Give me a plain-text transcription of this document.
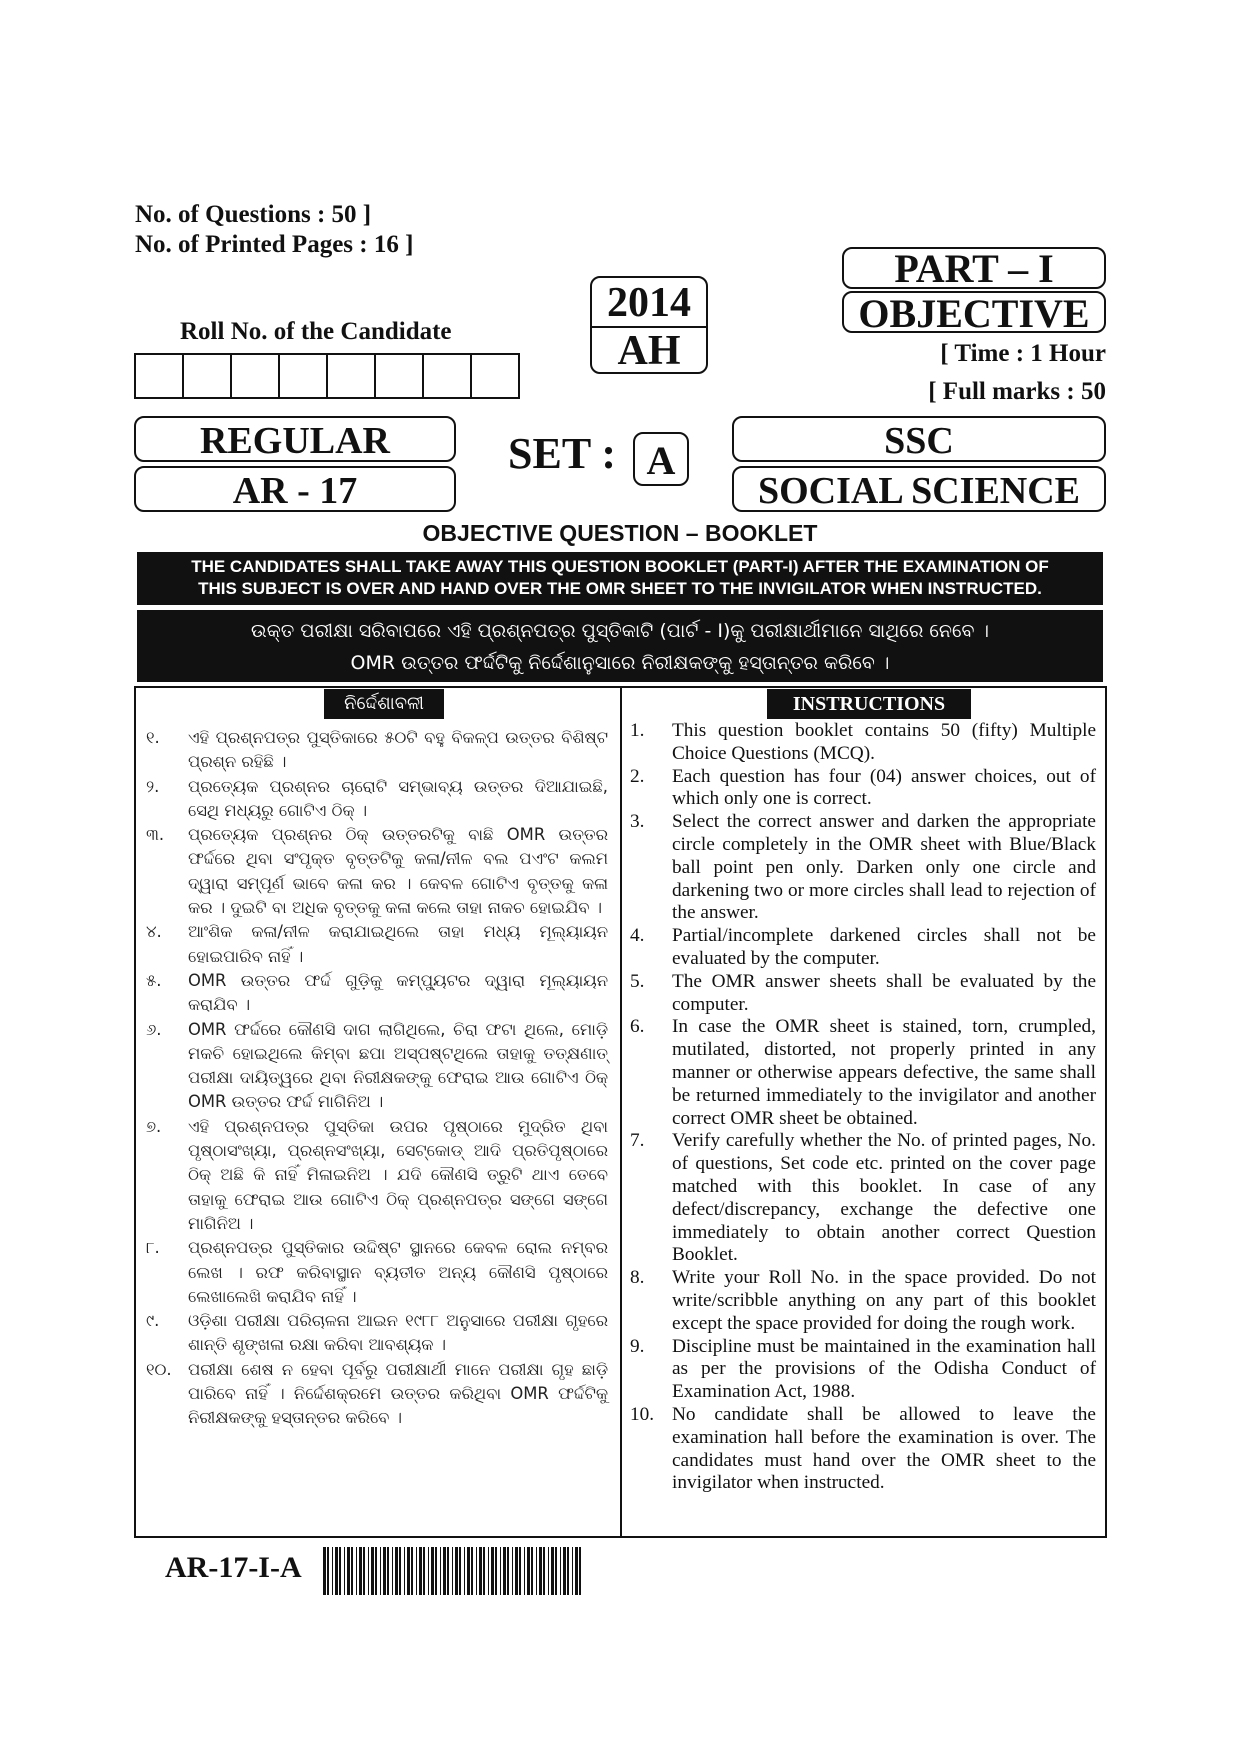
No. of Questions : 50 ]
No. of Printed Pages : 16 ]
2014
AH
Roll No. of the Candidate
PART – I
OBJECTIVE
[ Time : 1 Hour
[ Full marks : 50
REGULAR
AR - 17
SET : A	SSC
SOCIAL SCIENCE
OBJECTIVE QUESTION – BOOKLET
THE CANDIDATES SHALL TAKE AWAY THIS QUESTION BOOKLET (PART-I) AFTER THE EXAMINATION OF
THIS SUBJECT IS OVER AND HAND OVER THE OMR SHEET TO THE INVIGILATOR WHEN INSTRUCTED.
ଉକ୍ତ ପରୀକ୍ଷା ସରିବାପରେ ଏହି ପ୍ରଶ୍ନପତ୍ର ପୁସ୍ତିକାଟି (ପାର୍ଟ - I)କୁ ପରୀକ୍ଷାର୍ଥୀମାନେ ସାଥିରେ ନେବେ ।
OMR ଉତ୍ତର ଫର୍ଦ୍ଦଟିକୁ ନିର୍ଦ୍ଦେଶାନୁସାରେ ନିରୀକ୍ଷକଙ୍କୁ ହସ୍ତାନ୍ତର କରିବେ ।
ନିର୍ଦ୍ଦେଶାବଳୀ	INSTRUCTIONS
୧.	ଏହି ପ୍ରଶ୍ନପତ୍ର ପୁସ୍ତିକାରେ ୫୦ଟି ବହୁ ବିକଳ୍ପ ଉତ୍ତର ବିଶିଷ୍ଟ ପ୍ରଶ୍ନ ରହିଛି ।
୨.	ପ୍ରତ୍ୟେକ ପ୍ରଶ୍ନର ଚାରୋଟି ସମ୍ଭାବ୍ୟ ଉତ୍ତର ଦିଆଯାଇଛି, ସେଥି ମଧ୍ୟରୁ ଗୋଟିଏ ଠିକ୍ ।
୩.	ପ୍ରତ୍ୟେକ ପ୍ରଶ୍ନର ଠିକ୍ ଉତ୍ତରଟିକୁ ବାଛି OMR ଉତ୍ତର ଫର୍ଦ୍ଦରେ ଥିବା ସଂପୃକ୍ତ ବୃତ୍ତଟିକୁ କଳା/ନୀଳ ବଲ ପଏଂଟ କଲମ ଦ୍ୱାରା ସମ୍ପୂର୍ଣ ଭାବେ କଳା କର । କେବଳ ଗୋଟିଏ ବୃତ୍ତକୁ କଳା କର । ଦୁଇଟି ବା ଅଧିକ ବୃତ୍ତକୁ କଳା କଲେ ତାହା ନାକଚ ହୋଇଯିବ ।
୪.	ଆଂଶିକ କଳା/ନୀଳ କରାଯାଇଥିଲେ ତାହା ମଧ୍ୟ ମୂଲ୍ୟାୟନ ହୋଇପାରିବ ନାହିଁ ।
୫.	OMR ଉତ୍ତର ଫର୍ଦ୍ଦ ଗୁଡ଼ିକୁ କମ୍ପ୍ୟୁଟର ଦ୍ୱାରା ମୂଲ୍ୟାୟନ କରାଯିବ ।
୬.	OMR ଫର୍ଦ୍ଦରେ କୌଣସି ଦାଗ ଲାଗିଥିଲେ, ଚିରା ଫଟା ଥିଲେ, ମୋଡ଼ି ମକଚି ହୋଇଥିଲେ କିମ୍ବା ଛପା ଅସ୍ପଷ୍ଟଥିଲେ ତାହାକୁ ତତ୍କ୍ଷଣାତ୍ ପରୀକ୍ଷା ଦାୟିତ୍ୱରେ ଥିବା ନିରୀକ୍ଷକଙ୍କୁ ଫେରାଇ ଆଉ ଗୋଟିଏ ଠିକ୍ OMR ଉତ୍ତର ଫର୍ଦ୍ଦ ମାଗିନିଅ ।
୭.	ଏହି ପ୍ରଶ୍ନପତ୍ର ପୁସ୍ତିକା ଉପର ପୃଷ୍ଠାରେ ମୁଦ୍ରିତ ଥିବା ପୃଷ୍ଠାସଂଖ୍ୟା, ପ୍ରଶ୍ନସଂଖ୍ୟା, ସେଟ୍‌କୋଡ୍ ଆଦି ପ୍ରତିପୃଷ୍ଠାରେ ଠିକ୍ ଅଛି କି ନାହିଁ ମିଳାଇନିଅ । ଯଦି କୌଣସି ତ୍ରୁଟି ଥାଏ ତେବେ ତାହାକୁ ଫେରାଇ ଆଉ ଗୋଟିଏ ଠିକ୍ ପ୍ରଶ୍ନପତ୍ର ସଙ୍ଗେ ସଙ୍ଗେ ମାଗିନିଅ ।
୮.	ପ୍ରଶ୍ନପତ୍ର ପୁସ୍ତିକାର ଉଦ୍ଦିଷ୍ଟ ସ୍ଥାନରେ କେବଳ ରୋଲ ନମ୍ବର ଲେଖ । ରଫ କରିବାସ୍ଥାନ ବ୍ୟତୀତ ଅନ୍ୟ କୌଣସି ପୃଷ୍ଠାରେ ଲେଖାଲେଖି କରାଯିବ ନାହିଁ ।
୯.	ଓଡ଼ିଶା ପରୀକ୍ଷା ପରିଚାଳନା ଆଇନ ୧୯୮୮ ଅନୁସାରେ ପରୀକ୍ଷା ଗୃହରେ ଶାନ୍ତି ଶୃଙ୍ଖଳା ରକ୍ଷା କରିବା ଆବଶ୍ୟକ ।
୧୦. ପରୀକ୍ଷା ଶେଷ ନ ହେବା ପୂର୍ବରୁ ପରୀକ୍ଷାର୍ଥୀ ମାନେ ପରୀକ୍ଷା ଗୃହ ଛାଡ଼ି ପାରିବେ ନାହିଁ । ନିର୍ଦ୍ଦେଶକ୍ରମେ ଉତ୍ତର କରିଥିବା OMR ଫର୍ଦ୍ଦଟିକୁ ନିରୀକ୍ଷକଙ୍କୁ ହସ୍ତାନ୍ତର କରିବେ ।
1.	This question booklet contains 50 (fifty) Multiple Choice Questions (MCQ).
2.	Each question has four (04) answer choices, out of which only one is correct.
3.	Select the correct answer and darken the appropriate circle completely in the OMR sheet with Blue/Black ball point pen only. Darken only one circle and darkening two or more circles shall lead to rejection of the answer.
4.	Partial/incomplete darkened circles shall not be evaluated by the computer.
5.	The OMR answer sheets shall be evaluated by the computer.
6.	In case the OMR sheet is stained, torn, crumpled, mutilated, distorted, not properly printed in any manner or otherwise appears defective, the same shall be returned immediately to the invigilator and another correct OMR sheet be obtained.
7.	Verify carefully whether the No. of printed pages, No. of questions, Set code etc. printed on the cover page matched with this booklet. In case of any defect/discrepancy, exchange the defective one immediately to obtain another correct Question Booklet.
8.	Write your Roll No. in the space provided. Do not write/scribble anything on any part of this booklet except the space provided for doing the rough work.
9.	Discipline must be maintained in the examination hall as per the provisions of the Odisha Conduct of Examination Act, 1988.
10. No candidate shall be allowed to leave the examination hall before the examination is over. The candidates must hand over the OMR sheet to the invigilator when instructed.
AR-17-I-A
